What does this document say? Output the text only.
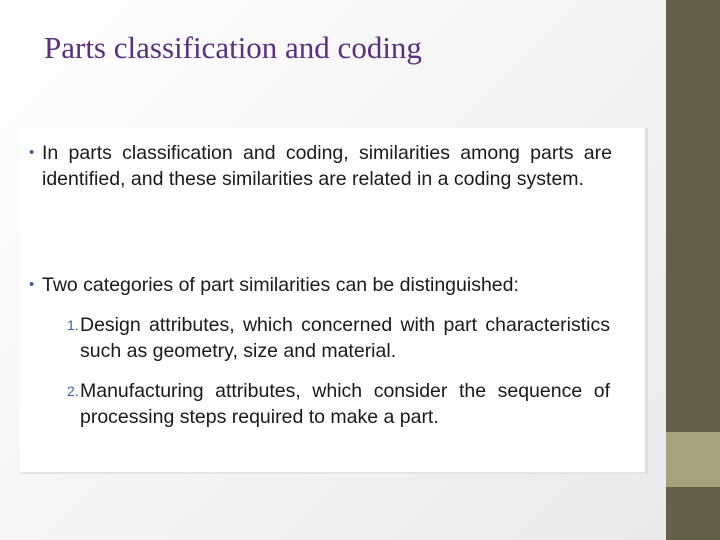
Parts classification and coding
• In parts classification and coding, similarities among parts are identified, and these similarities are related in a coding system.
• Two categories of part similarities can be distinguished:
1. Design attributes, which concerned with part characteristics such as geometry, size and material.
2. Manufacturing attributes, which consider the sequence of processing steps required to make a part.
